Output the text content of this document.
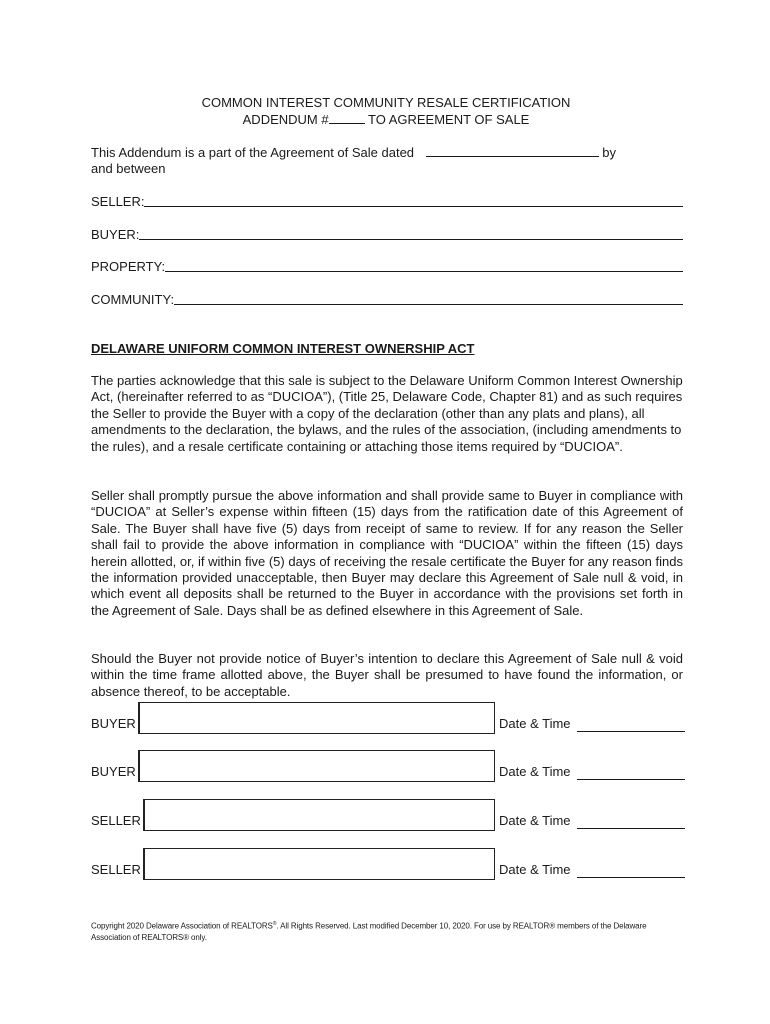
COMMON INTEREST COMMUNITY RESALE CERTIFICATION
ADDENDUM #	TO AGREEMENT OF SALE
This Addendum is a part of the Agreement of Sale dated	by
and between
SELLER:
BUYER:
PROPERTY:
COMMUNITY:
DELAWARE UNIFORM COMMON INTEREST OWNERSHIP ACT
The parties acknowledge that this sale is subject to the Delaware Uniform Common Interest Ownership Act, (hereinafter referred to as “DUCIOA”), (Title 25, Delaware Code, Chapter 81) and as such requires the Seller to provide the Buyer with a copy of the declaration (other than any plats and plans), all amendments to the declaration, the bylaws, and the rules of the association, (including amendments to the rules), and a resale certificate containing or attaching those items required by “DUCIOA”.
Seller shall promptly pursue the above information and shall provide same to Buyer in compliance with “DUCIOA” at Seller’s expense within fifteen (15) days from the ratification date of this Agreement of Sale. The Buyer shall have five (5) days from receipt of same to review. If for any reason the Seller shall fail to provide the above information in compliance with “DUCIOA” within the fifteen (15) days herein allotted, or, if within five (5) days of receiving the resale certificate the Buyer for any reason finds the information provided unacceptable, then Buyer may declare this Agreement of Sale null & void, in which event all deposits shall be returned to the Buyer in accordance with the provisions set forth in the Agreement of Sale. Days shall be as defined elsewhere in this Agreement of Sale.
Should the Buyer not provide notice of Buyer’s intention to declare this Agreement of Sale null & void within the time frame allotted above, the Buyer shall be presumed to have found the information, or absence thereof, to be acceptable.
BUYER	Date & Time
BUYER	Date & Time
SELLER	Date & Time
SELLER	Date & Time
Copyright 2020 Delaware Association of REALTORS®. All Rights Reserved. Last modified December 10, 2020. For use by REALTOR® members of the Delaware Association of REALTORS® only.
